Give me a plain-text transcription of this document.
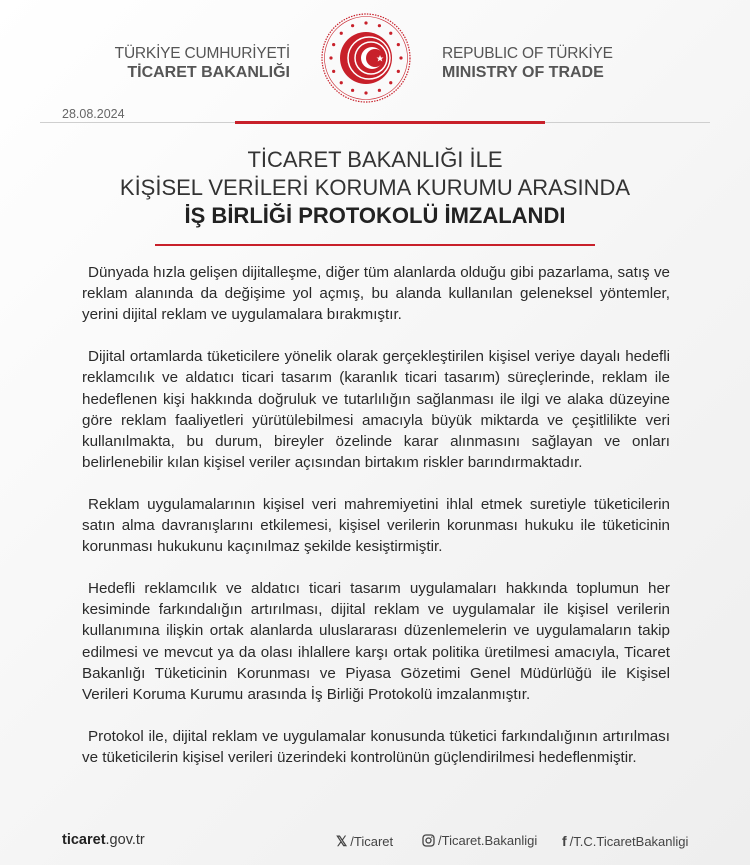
TÜRKİYE CUMHURİYETİ
TİCARET BAKANLIĞI
REPUBLIC OF TÜRKİYE
MINISTRY OF TRADE
28.08.2024
TİCARET BAKANLIĞI İLE
KİŞİSEL VERİLERİ KORUMA KURUMU ARASINDA
İŞ BİRLİĞİ PROTOKOLÜ İMZALANDI

Dünyada hızla gelişen dijitalleşme, diğer tüm alanlarda olduğu gibi pazarlama, satış ve reklam alanında da değişime yol açmış, bu alanda kullanılan geleneksel yöntemler, yerini dijital reklam ve uygulamalara bırakmıştır.

Dijital ortamlarda tüketicilere yönelik olarak gerçekleştirilen kişisel veriye dayalı hedefli reklamcılık ve aldatıcı ticari tasarım (karanlık ticari tasarım) süreçlerinde, reklam ile hedeflenen kişi hakkında doğruluk ve tutarlılığın sağlanması ile ilgi ve alaka düzeyine göre reklam faaliyetleri yürütülebilmesi amacıyla büyük miktarda ve çeşitlilikte veri kullanılmakta, bu durum, bireyler özelinde karar alınmasını sağlayan ve onları belirlenebilir kılan kişisel veriler açısından birtakım riskler barındırmaktadır.

Reklam uygulamalarının kişisel veri mahremiyetini ihlal etmek suretiyle tüketicilerin satın alma davranışlarını etkilemesi, kişisel verilerin korunması hukuku ile tüketicinin korunması hukukunu kaçınılmaz şekilde kesiştirmiştir.

Hedefli reklamcılık ve aldatıcı ticari tasarım uygulamaları hakkında toplumun her kesiminde farkındalığın artırılması, dijital reklam ve uygulamalar ile kişisel verilerin kullanımına ilişkin ortak alanlarda uluslararası düzenlemelerin ve uygulamaların takip edilmesi ve mevcut ya da olası ihlallere karşı ortak politika üretilmesi amacıyla, Ticaret Bakanlığı Tüketicinin Korunması ve Piyasa Gözetimi Genel Müdürlüğü ile Kişisel Verileri Koruma Kurumu arasında İş Birliği Protokolü imzalanmıştır.

Protokol ile, dijital reklam ve uygulamalar konusunda tüketici farkındalığının artırılması ve tüketicilerin kişisel verileri üzerindeki kontrolünün güçlendirilmesi hedeflenmiştir.

ticaret.gov.tr	𝕏 /Ticaret	/Ticaret.Bakanligi f /T.C.TicaretBakanligi
